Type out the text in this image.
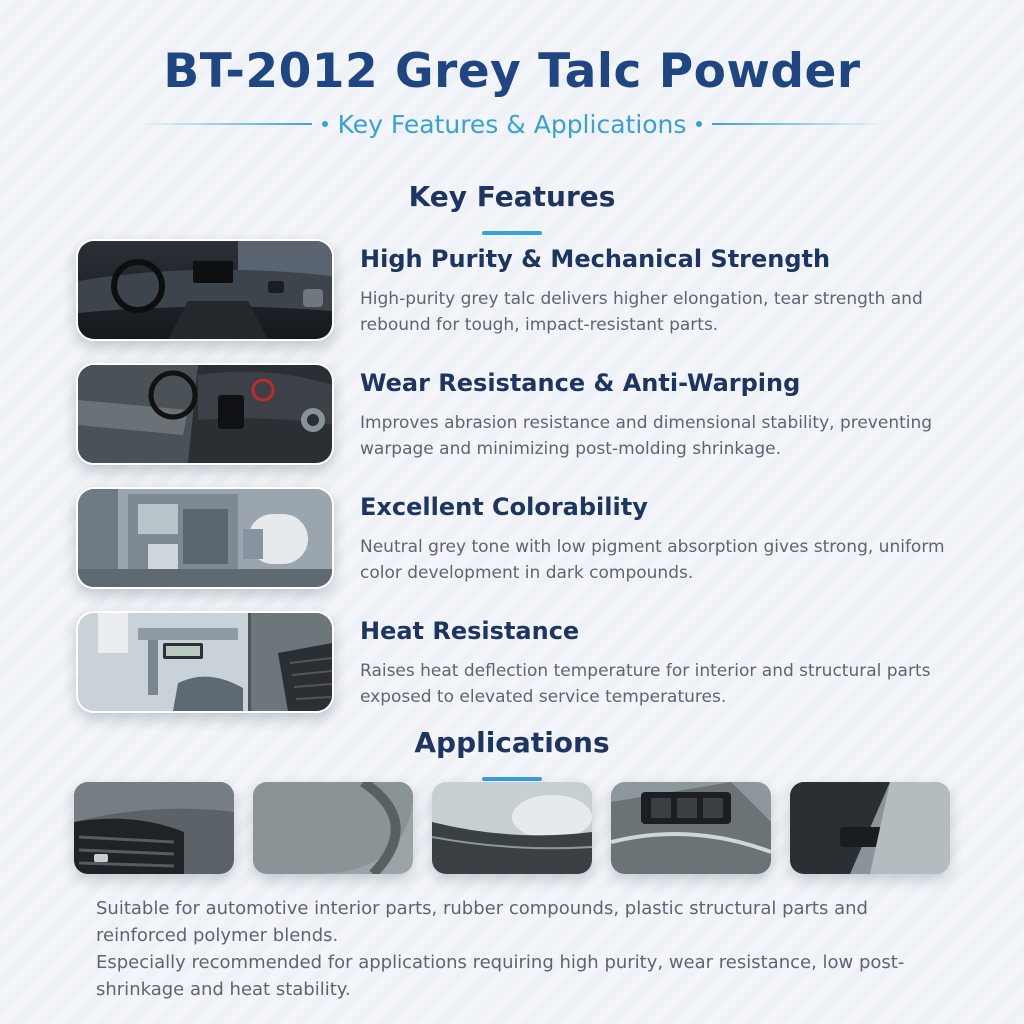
BT-2012 Grey Talc Powder
Key Features & Applications
Key Features
High Purity & Mechanical Strength
High-purity grey talc delivers higher elongation, tear strength and rebound for tough, impact-resistant parts.
Wear Resistance & Anti-Warping
Improves abrasion resistance and dimensional stability, preventing warpage and minimizing post-molding shrinkage.
Excellent Colorability
Neutral grey tone with low pigment absorption gives strong, uniform color development in dark compounds.
Heat Resistance
Raises heat deflection temperature for interior and structural parts exposed to elevated service temperatures.
Applications

Suitable for automotive interior parts, rubber compounds, plastic structural parts and reinforced polymer blends.

Especially recommended for applications requiring high purity, wear resistance, low post-shrinkage and heat stability.
